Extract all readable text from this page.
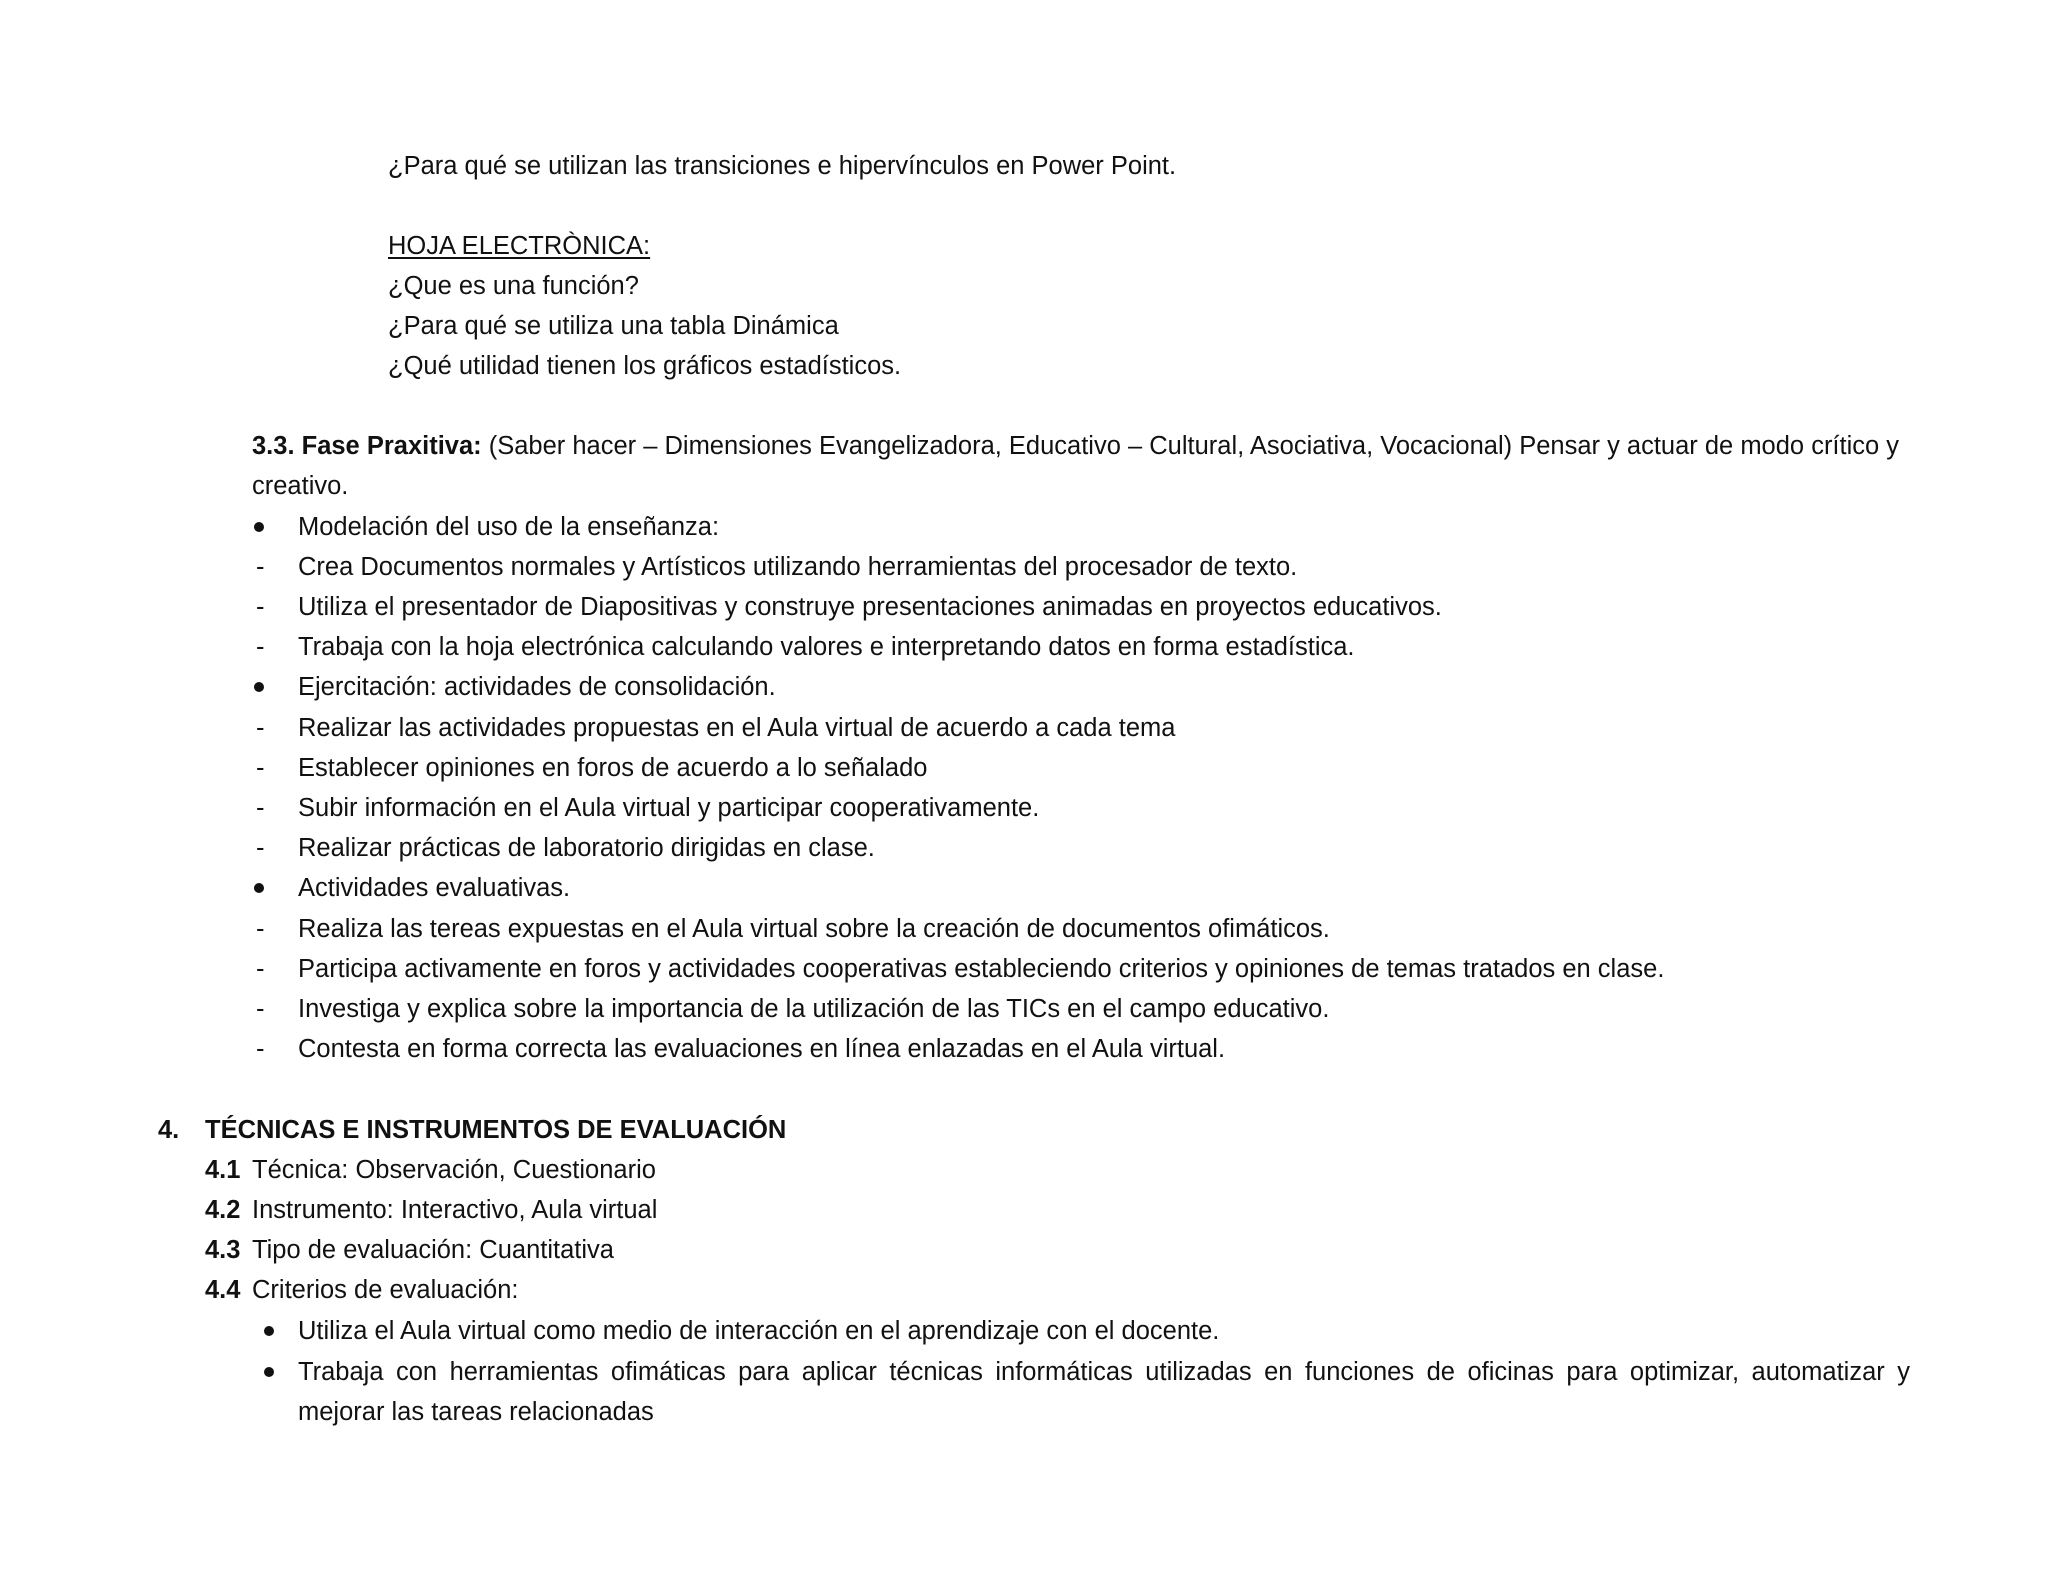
¿Para qué se utilizan las transiciones e hipervínculos en Power Point.
HOJA ELECTRÒNICA:
¿Que es una función?
¿Para qué se utiliza una tabla Dinámica
¿Qué utilidad tienen los gráficos estadísticos.
3.3. Fase Praxitiva: (Saber hacer – Dimensiones Evangelizadora, Educativo – Cultural, Asociativa, Vocacional) Pensar y actuar de modo crítico y
creativo.
Modelación del uso de la enseñanza:
- Crea Documentos normales y Artísticos utilizando herramientas del procesador de texto.
- Utiliza el presentador de Diapositivas y construye presentaciones animadas en proyectos educativos.
- Trabaja con la hoja electrónica calculando valores e interpretando datos en forma estadística.
Ejercitación: actividades de consolidación.
- Realizar las actividades propuestas en el Aula virtual de acuerdo a cada tema
- Establecer opiniones en foros de acuerdo a lo señalado
- Subir información en el Aula virtual y participar cooperativamente.
- Realizar prácticas de laboratorio dirigidas en clase.
Actividades evaluativas.
- Realiza las tereas expuestas en el Aula virtual sobre la creación de documentos ofimáticos.
- Participa activamente en foros y actividades cooperativas estableciendo criterios y opiniones de temas tratados en clase.
- Investiga y explica sobre la importancia de la utilización de las TICs en el campo educativo.
- Contesta en forma correcta las evaluaciones en línea enlazadas en el Aula virtual.
4. TÉCNICAS E INSTRUMENTOS DE EVALUACIÓN
4.1 Técnica: Observación, Cuestionario
4.2 Instrumento: Interactivo, Aula virtual
4.3 Tipo de evaluación: Cuantitativa
4.4 Criterios de evaluación:
Utiliza el Aula virtual como medio de interacción en el aprendizaje con el docente.
Trabaja con herramientas ofimáticas para aplicar técnicas informáticas utilizadas en funciones de oficinas para optimizar, automatizar y
mejorar las tareas relacionadas
